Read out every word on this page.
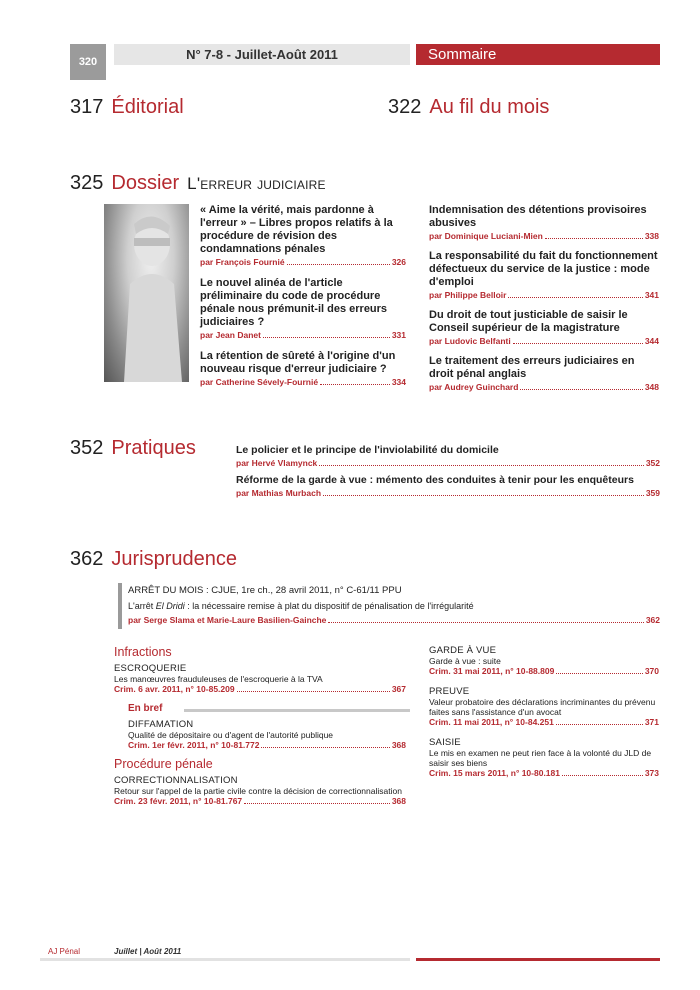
320	N° 7-8 - Juillet-Août 2011	Sommaire
317 Éditorial	322 Au fil du mois
325 Dossier L'erreur judiciaire
« Aime la vérité, mais pardonne à l'erreur » – Libres propos relatifs à la procédure de révision des condamnations pénales
par François Fournié	326
Le nouvel alinéa de l'article préliminaire du code de procédure pénale nous prémunit-il des erreurs judiciaires ?
par Jean Danet	331
La rétention de sûreté à l'origine d'un nouveau risque d'erreur judiciaire ?
par Catherine Sévely-Fournié	334
Indemnisation des détentions provisoires abusives
par Dominique Luciani-Mien	338
La responsabilité du fait du fonctionnement défectueux du service de la justice : mode d'emploi
par Philippe Belloir	341
Du droit de tout justiciable de saisir le Conseil supérieur de la magistrature
par Ludovic Belfanti	344
Le traitement des erreurs judiciaires en droit pénal anglais
par Audrey Guinchard	348
352 Pratiques	Le policier et le principe de l'inviolabilité du domicile
par Hervé Vlamynck	352
Réforme de la garde à vue : mémento des conduites à tenir pour les enquêteurs
par Mathias Murbach	359
362 Jurisprudence
ARRÊT DU MOIS : CJUE, 1re ch., 28 avril 2011, n° C-61/11 PPU
L'arrêt El Dridi : la nécessaire remise à plat du dispositif de pénalisation de l'irrégularité
par Serge Slama et Marie-Laure Basilien-Gainche	362
Infractions
ESCROQUERIE
Les manœuvres frauduleuses de l'escroquerie à la TVA
Crim. 6 avr. 2011, n° 10-85.209	367
En bref
DIFFAMATION
Qualité de dépositaire ou d'agent de l'autorité publique
Crim. 1er févr. 2011, n° 10-81.772	368
Procédure pénale
CORRECTIONNALISATION
Retour sur l'appel de la partie civile contre la décision de correctionnalisation
Crim. 23 févr. 2011, n° 10-81.767	368
GARDE À VUE
Garde à vue : suite
Crim. 31 mai 2011, n° 10-88.809	370
PREUVE
Valeur probatoire des déclarations incriminantes du prévenu faites sans l'assistance d'un avocat
Crim. 11 mai 2011, n° 10-84.251	371
SAISIE
Le mis en examen ne peut rien face à la volonté du JLD de saisir ses biens
Crim. 15 mars 2011, n° 10-80.181	373
AJ Pénal	Juillet | Août 2011
